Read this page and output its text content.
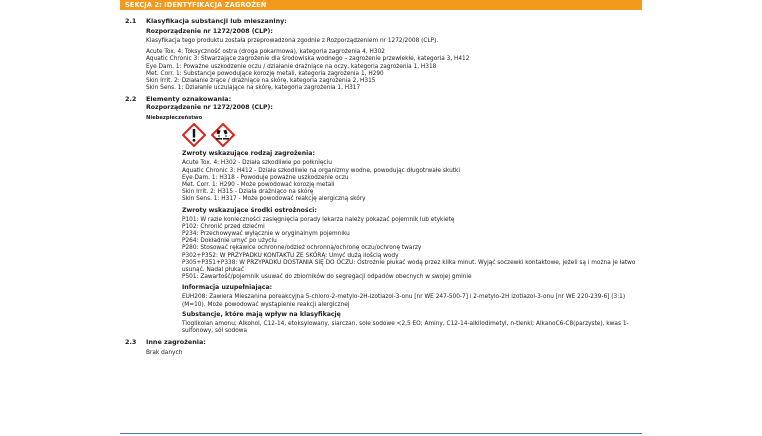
SEKCJA 2: IDENTYFIKACJA ZAGROŻEŃ
2.1	Klasyfikacja substancji lub mieszaniny:
Rozporządzenie nr 1272/2008 (CLP):
Klasyfikacja tego produktu została przeprowadzona zgodnie z Rozporządzeniem nr 1272/2008 (CLP).
Acute Tox. 4: Toksyczność ostra (droga pokarmowa), kategoria zagrożenia 4, H302
Aquatic Chronic 3: Stwarzające zagrożenie dla środowiska wodnego – zagrożenie przewlekłe, kategoria 3, H412
Eye Dam. 1: Poważne uszkodzenie oczu / działanie drażniące na oczy, kategoria zagrożenia 1, H318
Met. Corr. 1: Substancje powodujące korozję metali, kategoria zagrożenia 1, H290
Skin Irrit. 2: Działanie żrące / drażniące na skórę, kategoria zagrożenia 2, H315
Skin Sens. 1: Działanie uczulające na skórę, kategoria zagrożenia 1, H317
2.2	Elementy oznakowania:
Rozporządzenie nr 1272/2008 (CLP):
Niebezpieczeństwo
Zwroty wskazujące rodzaj zagrożenia:
Acute Tox. 4: H302 - Działa szkodliwie po połknięciu
Aquatic Chronic 3: H412 - Działa szkodliwie na organizmy wodne, powodując długotrwałe skutki
Eye Dam. 1: H318 - Powoduje poważne uszkodzenie oczu
Met. Corr. 1: H290 - Może powodować korozję metali
Skin Irrit. 2: H315 - Działa drażniąco na skórę
Skin Sens. 1: H317 - Może powodować reakcję alergiczną skóry
Zwroty wskazujące środki ostrożności:
P101: W razie konieczności zasięgnięcia porady lekarza należy pokazać pojemnik lub etykietę
P102: Chronić przed dziećmi
P234: Przechowywać wyłącznie w oryginalnym pojemniku
P264: Dokładnie umyć po użyciu
P280: Stosować rękawice ochronne/odzież ochronną/ochronę oczu/ochronę twarzy
P302+P352: W PRZYPADKU KONTAKTU ZE SKÓRĄ: Umyć dużą ilością wody
P305+P351+P338: W PRZYPADKU DOSTANIA SIĘ DO OCZU: Ostrożnie płukać wodą przez kilka minut. Wyjąć soczewki kontaktowe, jeżeli są i można je łatwo usunąć. Nadal płukać
P501: Zawartość/pojemnik usuwać do zbiorników do segregacji odpadów obecnych w swojej gminie
Informacja uzupełniająca:
EUH208: Zawiera Mieszanina poreakcyjna 5-chloro-2-metylo-2H-izotiazol-3-onu [nr WE 247-500-7] i 2-metylo-2H izotiazol-3-onu [nr WE 220-239-6] (3:1) (M=10). Może powodować wystąpienie reakcji alergicznej
Substancje, które mają wpływ na klasyfikację
Tioglikolan amonu; Alkohol, C12-14, etoksylowany, siarczan, sole sodowe <2,5 EO; Aminy, C12-14-alkilodimetyl, n-tlenki; AlkanoC6-C8(parzyste), kwas 1-sulfonowy, sól sodowa
2.3	Inne zagrożenia:
Brak danych
